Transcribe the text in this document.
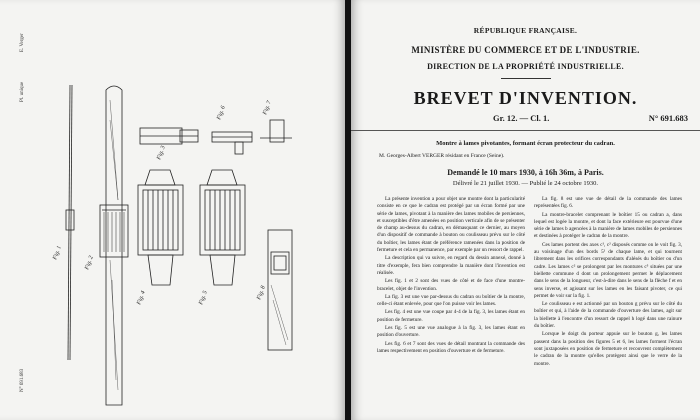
E. Verger
Pl. unique
N° 691.683
Fig. 1
Fig. 2
Fig. 3
Fig. 4	Fig. 5
Fig. 6	Fig. 7
Fig. 8
RÉPUBLIQUE FRANÇAISE.
MINISTÈRE DU COMMERCE ET DE L'INDUSTRIE.
DIRECTION DE LA PROPRIÉTÉ INDUSTRIELLE.
BREVET D'INVENTION.
Gr. 12. — Cl. 1.	N° 691.683
Montre à lames pivotantes, formant écran protecteur du cadran.
M. Georges-Albert VERGER résidant en France (Seine).
Demandé le 10 mars 1930, à 16h 36m, à Paris.
Délivré le 21 juillet 1930. — Publié le 24 octobre 1930.

La présente invention a pour objet une montre dont la particularité consiste en ce que le cadran est protégé par un écran formé par une série de lames, pivotant à la manière des lames mobiles de persiennes, et susceptibles d'être amenées en position verticale afin de se présenter de champ au-dessus du cadran, en démasquant ce dernier, au moyen d'un dispositif de commande à bouton ou coulisseau prévu sur le côté du boîtier, les lames étant de préférence ramenées dans la position de fermeture et cela en permanence, par exemple par un ressort de rappel.

La description qui va suivre, en regard du dessin annexé, donné à titre d'exemple, fera bien comprendre la manière dont l'invention est réalisée.

Les fig. 1 et 2 sont des vues de côté et de face d'une montre-bracelet, objet de l'invention.

La fig. 3 est une vue par-dessus du cadran ou boîtier de la montre, celle-ci étant enlevée, pour que l'on puisse voir les lames.

Les fig. 4 est une vue coupe par 4-4 de la fig. 3, les lames étant en position de fermeture.

Les fig. 5 est une vue analogue à la fig. 3, les lames étant en position d'ouverture.

Les fig. 6 et 7 sont des vues de détail montrant la commande des lames respectivement en position d'ouverture et de fermeture.

La fig. 8 est une vue de détail de la commande des lames représentées fig. 6.

La montre-bracelet comprenant le boîtier 15 ou cadran a, dans lequel est logée la montre, et dont la face extérieure est pourvue d'une série de lames b agencées à la manière de lames mobiles de persiennes et destinées à protéger le cadran de la montre.

Ces lames portent des axes c¹, c² disposés comme on le voit fig. 3, au voisinage d'un des bords 5¹ de chaque lame, et qui tournent librement dans les orifices correspondants d'alésés du boîtier ou d'un cadre. Les lames c² se prolongent par les montures c⁵ situées par une biellette commune d dont un prolongement permet le déplacement dans le sens de la longueur, c'est-à-dire dans le sens de la flèche f et en sens inverse, et agissant sur les lames en les faisant pivoter, ce qui permet de voir sur la fig. 1.

Le coulisseau e est actionné par un bouton g prévu sur le côté du boîtier et qui, à l'aide de la commande d'ouverture des lames, agit sur la biellette à l'encontre d'un ressort de rappel h logé dans une rainure du boîtier.

Lorsque le doigt du porteur appuie sur le bouton g, les lames passent dans la position des figures 5 et 6, les lames forment l'écran sont juxtaposées en position de fermeture et recouvrent complètement le cadran de la montre qu'elles protègent ainsi que le verre de la montre.
